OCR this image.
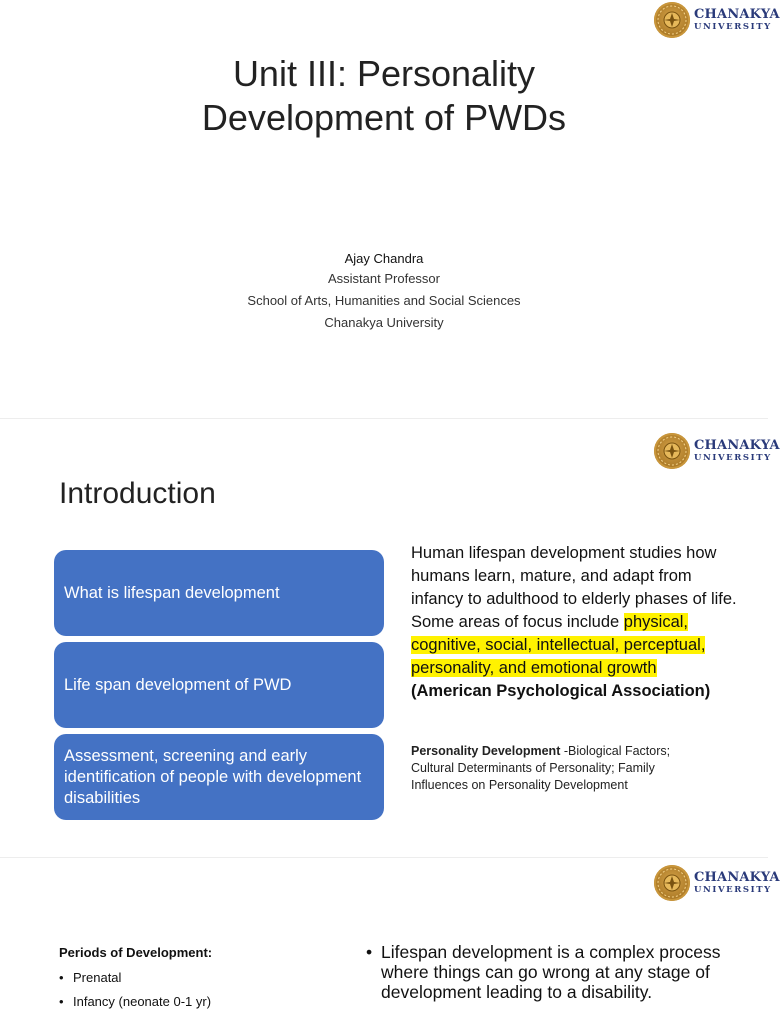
CHANAKYA
UNIVERSITY
Unit III: Personality
Development of PWDs
Ajay Chandra
Assistant Professor
School of Arts, Humanities and Social Sciences
Chanakya University
CHANAKYA
UNIVERSITY
Introduction
What is lifespan development
Life span development of PWD
Assessment, screening and early identification of people with development disabilities
Human lifespan development studies how humans learn, mature, and adapt from infancy to adulthood to elderly phases of life. Some areas of focus include physical, cognitive, social, intellectual, perceptual, personality, and emotional growth (American Psychological Association)
Personality Development -Biological Factors; Cultural Determinants of Personality; Family Influences on Personality Development
CHANAKYA
UNIVERSITY
Periods of Development:
• Prenatal
• Infancy (neonate 0-1 yr)
• Lifespan development is a complex process where things can go wrong at any stage of development leading to a disability.
